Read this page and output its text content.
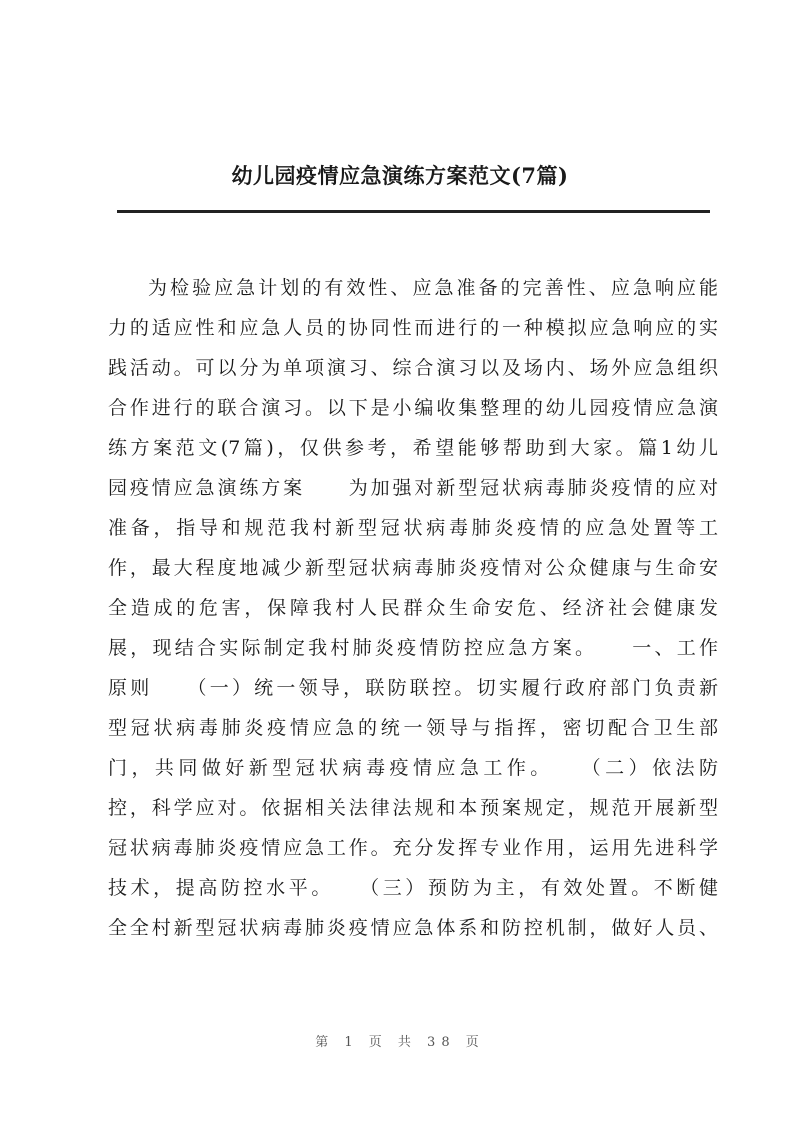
幼儿园疫情应急演练方案范文(7篇)
为检验应急计划的有效性、应急准备的完善性、应急响应能
力的适应性和应急人员的协同性而进行的一种模拟应急响应的实
践活动。可以分为单项演习、综合演习以及场内、场外应急组织
合作进行的联合演习。以下是小编收集整理的幼儿园疫情应急演
练方案范文(7篇)，仅供参考，希望能够帮助到大家。篇1幼儿
园疫情应急演练方案　　为加强对新型冠状病毒肺炎疫情的应对
准备，指导和规范我村新型冠状病毒肺炎疫情的应急处置等工
作，最大程度地减少新型冠状病毒肺炎疫情对公众健康与生命安
全造成的危害，保障我村人民群众生命安危、经济社会健康发
展，现结合实际制定我村肺炎疫情防控应急方案。　　一、工作
原则　　（一）统一领导，联防联控。切实履行政府部门负责新
型冠状病毒肺炎疫情应急的统一领导与指挥，密切配合卫生部
门，共同做好新型冠状病毒疫情应急工作。　　（二）依法防
控，科学应对。依据相关法律法规和本预案规定，规范开展新型
冠状病毒肺炎疫情应急工作。充分发挥专业作用，运用先进科学
技术，提高防控水平。　　（三）预防为主，有效处置。不断健
全全村新型冠状病毒肺炎疫情应急体系和防控机制，做好人员、
第 1 页 共 38 页
